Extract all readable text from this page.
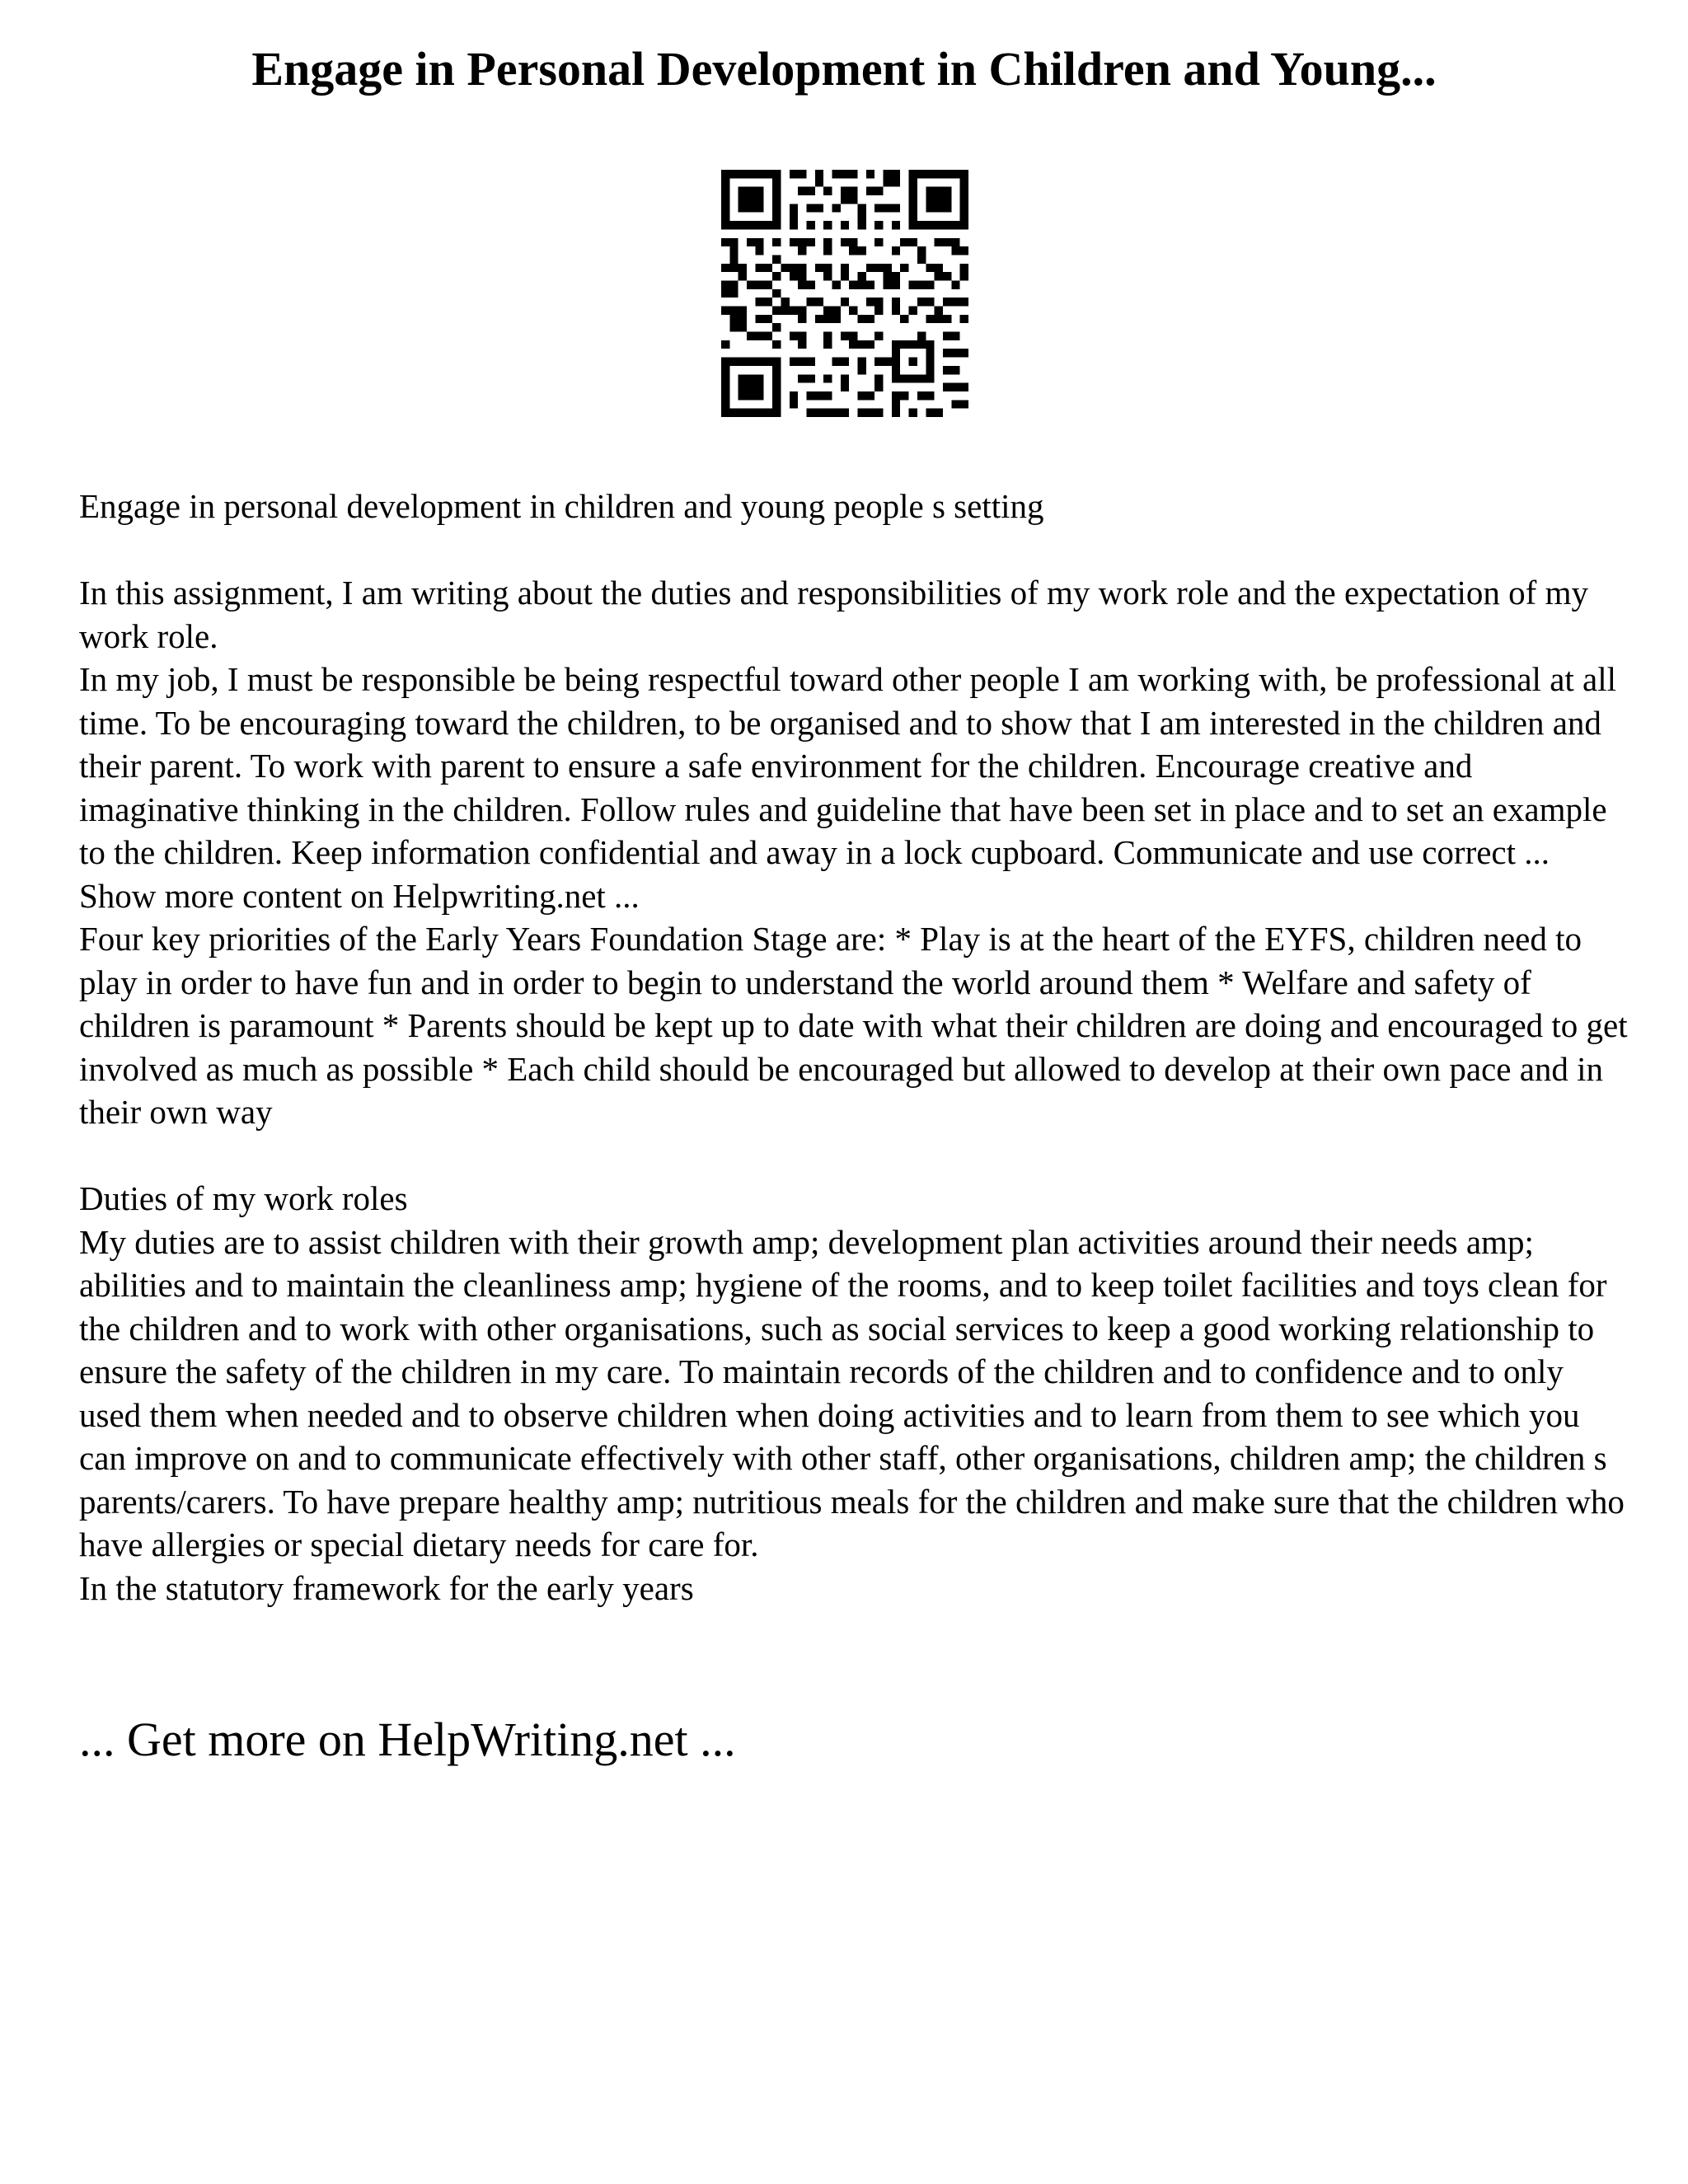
Engage in Personal Development in Children and Young...

Engage in personal development in children and young people s setting

In this assignment, I am writing about the duties and responsibilities of my work role and the expectation of my work role.

In my job, I must be responsible be being respectful toward other people I am working with, be professional at all time. To be encouraging toward the children, to be organised and to show that I am interested in the children and their parent. To work with parent to ensure a safe environment for the children. Encourage creative and imaginative thinking in the children. Follow rules and guideline that have been set in place and to set an example to the children. Keep information confidential and away in a lock cupboard. Communicate and use correct ... Show more content on Helpwriting.net ...

Four key priorities of the Early Years Foundation Stage are: * Play is at the heart of the EYFS, children need to play in order to have fun and in order to begin to understand the world around them * Welfare and safety of children is paramount * Parents should be kept up to date with what their children are doing and encouraged to get involved as much as possible * Each child should be encouraged but allowed to develop at their own pace and in their own way

Duties of my work roles

My duties are to assist children with their growth amp; development plan activities around their needs amp; abilities and to maintain the cleanliness amp; hygiene of the rooms, and to keep toilet facilities and toys clean for the children and to work with other organisations, such as social services to keep a good working relationship to ensure the safety of the children in my care. To maintain records of the children and to confidence and to only used them when needed and to observe children when doing activities and to learn from them to see which you can improve on and to communicate effectively with other staff, other organisations, children amp; the children s parents/carers. To have prepare healthy amp; nutritious meals for the children and make sure that the children who have allergies or special dietary needs for care for.

In the statutory framework for the early years

... Get more on HelpWriting.net ...
